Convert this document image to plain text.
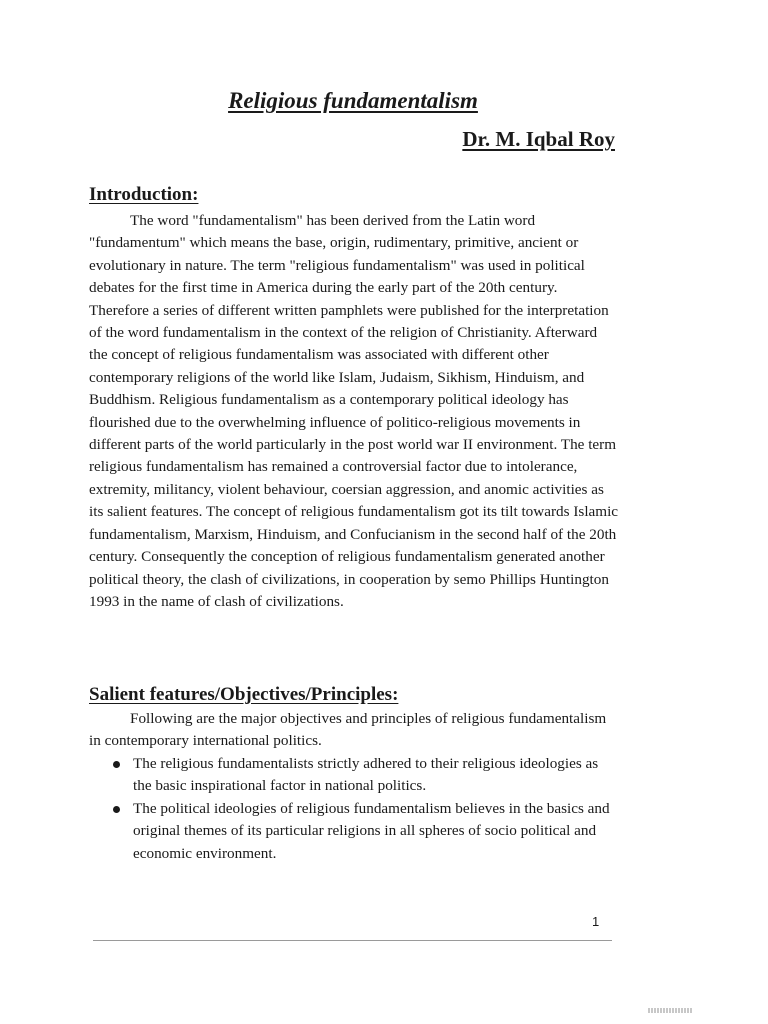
Religious fundamentalism

Dr. M. Iqbal Roy

Introduction:

The word "fundamentalism" has been derived from the Latin word "fundamentum" which means the base, origin, rudimentary, primitive, ancient or evolutionary in nature. The term "religious fundamentalism" was used in political debates for the first time in America during the early part of the 20th century. Therefore a series of different written pamphlets were published for the interpretation of the word fundamentalism in the context of the religion of Christianity. Afterward the concept of religious fundamentalism was associated with different other contemporary religions of the world like Islam, Judaism, Sikhism, Hinduism, and Buddhism. Religious fundamentalism as a contemporary political ideology has flourished due to the overwhelming influence of politico-religious movements in different parts of the world particularly in the post world war II environment. The term religious fundamentalism has remained a controversial factor due to intolerance, extremity, militancy, violent behaviour, coersian aggression, and anomic activities as its salient features. The concept of religious fundamentalism got its tilt towards Islamic fundamentalism, Marxism, Hinduism, and Confucianism in the second half of the 20th century. Consequently the conception of religious fundamentalism generated another political theory, the clash of civilizations, in cooperation by semo Phillips Huntington 1993 in the name of clash of civilizations.

Salient features/Objectives/Principles:

Following are the major objectives and principles of religious fundamentalism in contemporary international politics.

The religious fundamentalists strictly adhered to their religious ideologies as the basic inspirational factor in national politics.
The political ideologies of religious fundamentalism believes in the basics and original themes of its particular religions in all spheres of socio political and economic environment.

1
